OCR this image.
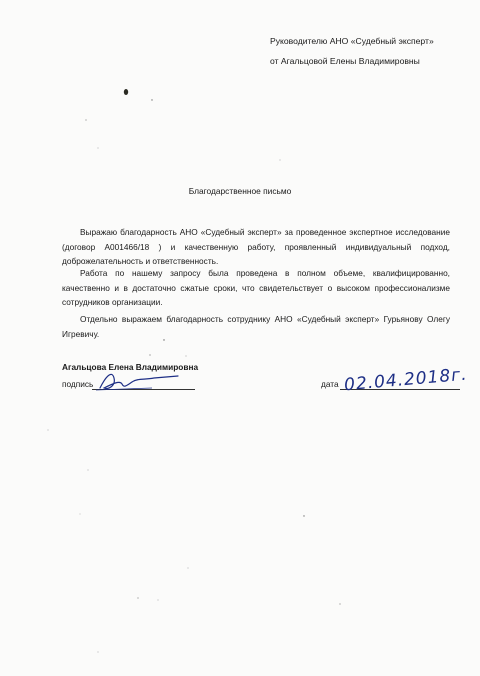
Руководителю АНО «Судебный эксперт»
от Агальцовой Елены Владимировны
Благодарственное письмо

Выражаю благодарность АНО «Судебный эксперт» за проведенное экспертное исследование (договор А001466/18 ) и качественную работу, проявленный индивидуальный подход, доброжелательность и ответственность.

Работа по нашему запросу была проведена в полном объеме, квалифицированно, качественно и в достаточно сжатые сроки, что свидетельствует о высоком профессионализме сотрудников организации.

Отдельно выражаем благодарность сотруднику АНО «Судебный эксперт» Гурьянову Олегу Игревичу.

Агальцова Елена Владимировна
подпись	дата 02.04.2018г.
